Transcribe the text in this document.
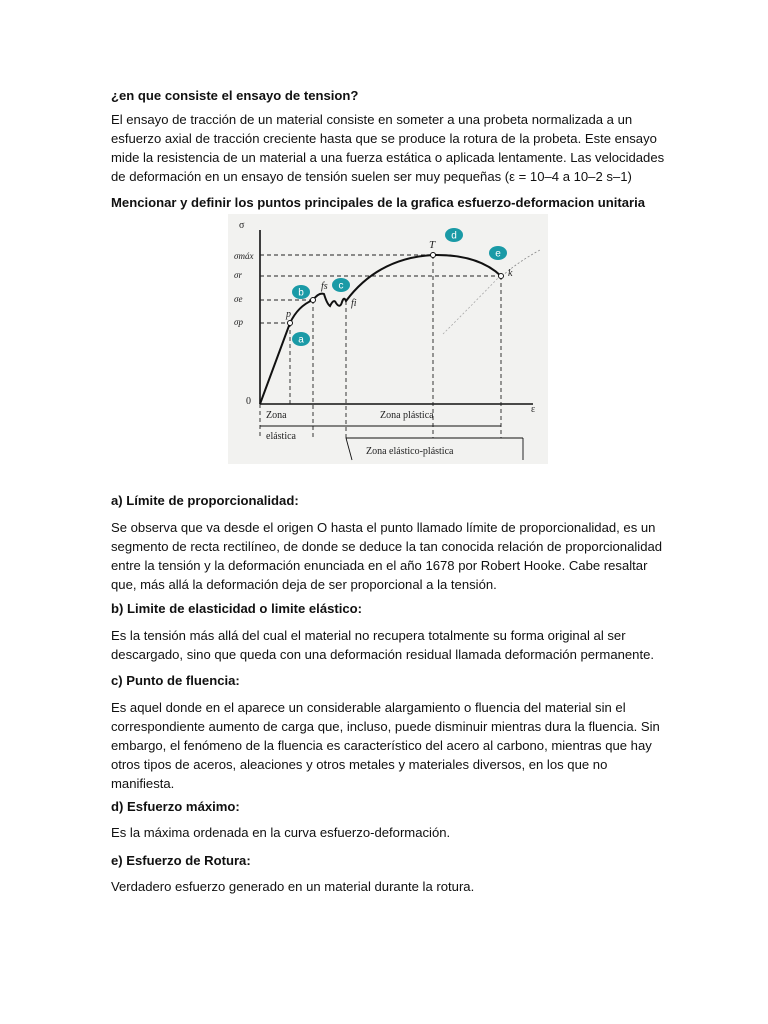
¿en que consiste el ensayo de tension?

El ensayo de tracción de un material consiste en someter a una probeta normalizada a un esfuerzo axial de tracción creciente hasta que se produce la rotura de la probeta. Este ensayo mide la resistencia de un material a una fuerza estática o aplicada lentamente. Las velocidades de deformación en un ensayo de tensión suelen ser muy pequeñas (ε = 10–4 a 10–2 s–1)

Mencionar y definir los puntos principales de la grafica esfuerzo-deformacion unitaria

σ
ε
0
σmáx
σr
σe
σp
p
fs
fi
T
k
Zona
elástica
Zona plástica
Zona elástico-plástica
a
b
c
d
e

a) Límite de proporcionalidad:

Se observa que va desde el origen O hasta el punto llamado límite de proporcionalidad, es un segmento de recta rectilíneo, de donde se deduce la tan conocida relación de proporcionalidad entre la tensión y la deformación enunciada en el año 1678 por Robert Hooke. Cabe resaltar que, más allá la deformación deja de ser proporcional a la tensión.

b) Limite de elasticidad o limite elástico:

Es la tensión más allá del cual el material no recupera totalmente su forma original al ser descargado, sino que queda con una deformación residual llamada deformación permanente.

c) Punto de fluencia:

Es aquel donde en el aparece un considerable alargamiento o fluencia del material sin el correspondiente aumento de carga que, incluso, puede disminuir mientras dura la fluencia. Sin embargo, el fenómeno de la fluencia es característico del acero al carbono, mientras que hay otros tipos de aceros, aleaciones y otros metales y materiales diversos, en los que no manifiesta.

d) Esfuerzo máximo:

Es la máxima ordenada en la curva esfuerzo-deformación.

e) Esfuerzo de Rotura:

Verdadero esfuerzo generado en un material durante la rotura.
